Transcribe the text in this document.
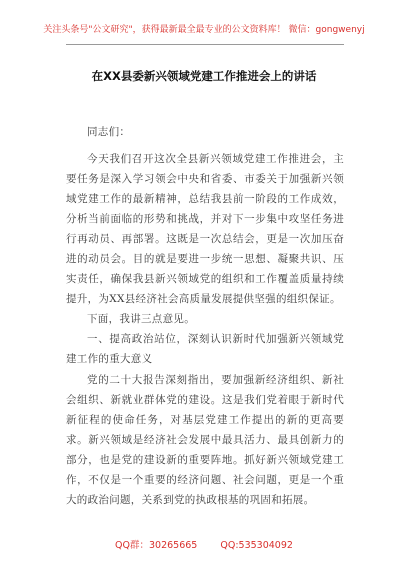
关注头条号"公文研究"，获得最新最全最专业的公文资料库！ 微信：gongwenyj
在XX县委新兴领域党建工作推进会上的讲话

同志们：

今天我们召开这次全县新兴领域党建工作推进会，主要任务是深入学习领会中央和省委、市委关于加强新兴领域党建工作的最新精神，总结我县前一阶段的工作成效，分析当前面临的形势和挑战，并对下一步集中攻坚任务进行再动员、再部署。这既是一次总结会，更是一次加压奋进的动员会。目的就是要进一步统一思想、凝聚共识、压实责任，确保我县新兴领域党的组织和工作覆盖质量持续提升，为XX县经济社会高质量发展提供坚强的组织保证。

下面，我讲三点意见。

一、提高政治站位，深刻认识新时代加强新兴领域党建工作的重大意义

党的二十大报告深刻指出，要加强新经济组织、新社会组织、新就业群体党的建设。这是我们党着眼于新时代新征程的使命任务，对基层党建工作提出的新的更高要求。新兴领域是经济社会发展中最具活力、最具创新力的部分，也是党的建设新的重要阵地。抓好新兴领域党建工作，不仅是一个重要的经济问题、社会问题，更是一个重大的政治问题，关系到党的执政根基的巩固和拓展。

QQ群：30265665 QQ:535304092
